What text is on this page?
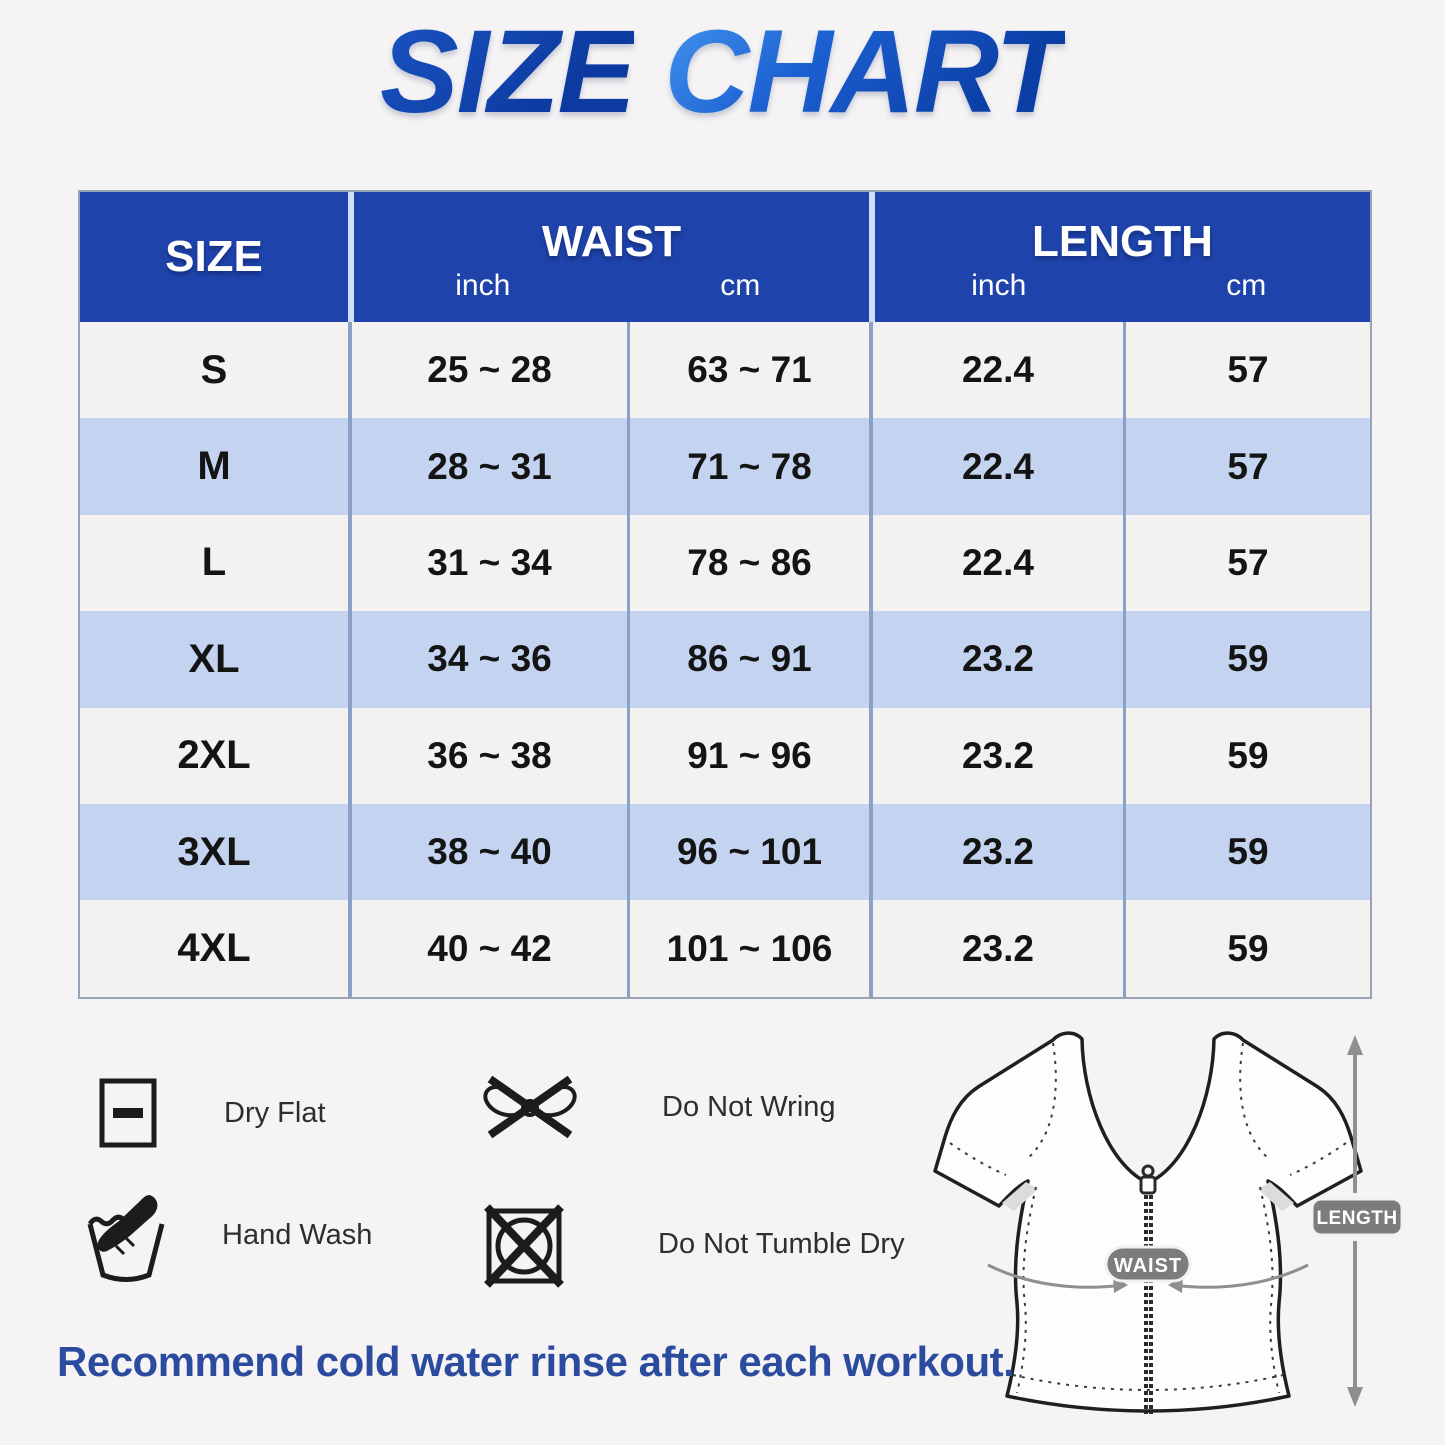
SIZE CHART
SIZE	WAIST
inch	cm
LENGTH
inch	cm
S	25 ~ 28	63 ~ 71	22.4	57
M	28 ~ 31	71 ~ 78	22.4	57
L	31 ~ 34	78 ~ 86	22.4	57
XL	34 ~ 36	86 ~ 91	23.2	59
2XL	36 ~ 38	91 ~ 96	23.2	59
3XL	38 ~ 40	96 ~ 101	23.2	59
4XL	40 ~ 42	101 ~ 106	23.2	59
Dry Flat
Hand Wash
Do Not Wring
Do Not Tumble Dry
WAIST
LENGTH

Recommend cold water rinse after each workout.
